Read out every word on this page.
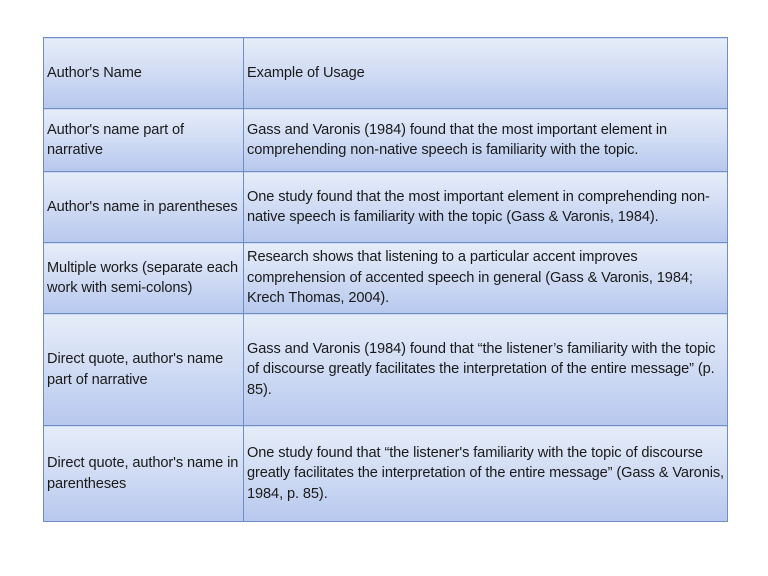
Author's Name	Example of Usage
Author's name part of narrative	Gass and Varonis (1984) found that the most important element in comprehending non-native speech is familiarity with the topic.
Author's name in parentheses	One study found that the most important element in comprehending non-native speech is familiarity with the topic (Gass & Varonis, 1984).
Multiple works (separate each work with semi-colons)	Research shows that listening to a particular accent improves comprehension of accented speech in general (Gass & Varonis, 1984; Krech Thomas, 2004).
Direct quote, author's name part of narrative	Gass and Varonis (1984) found that “the listener’s familiarity with the topic of discourse greatly facilitates the interpretation of the entire message” (p. 85).
Direct quote, author's name in parentheses	One study found that “the listener's familiarity with the topic of discourse greatly facilitates the interpretation of the entire message” (Gass & Varonis, 1984, p. 85).
